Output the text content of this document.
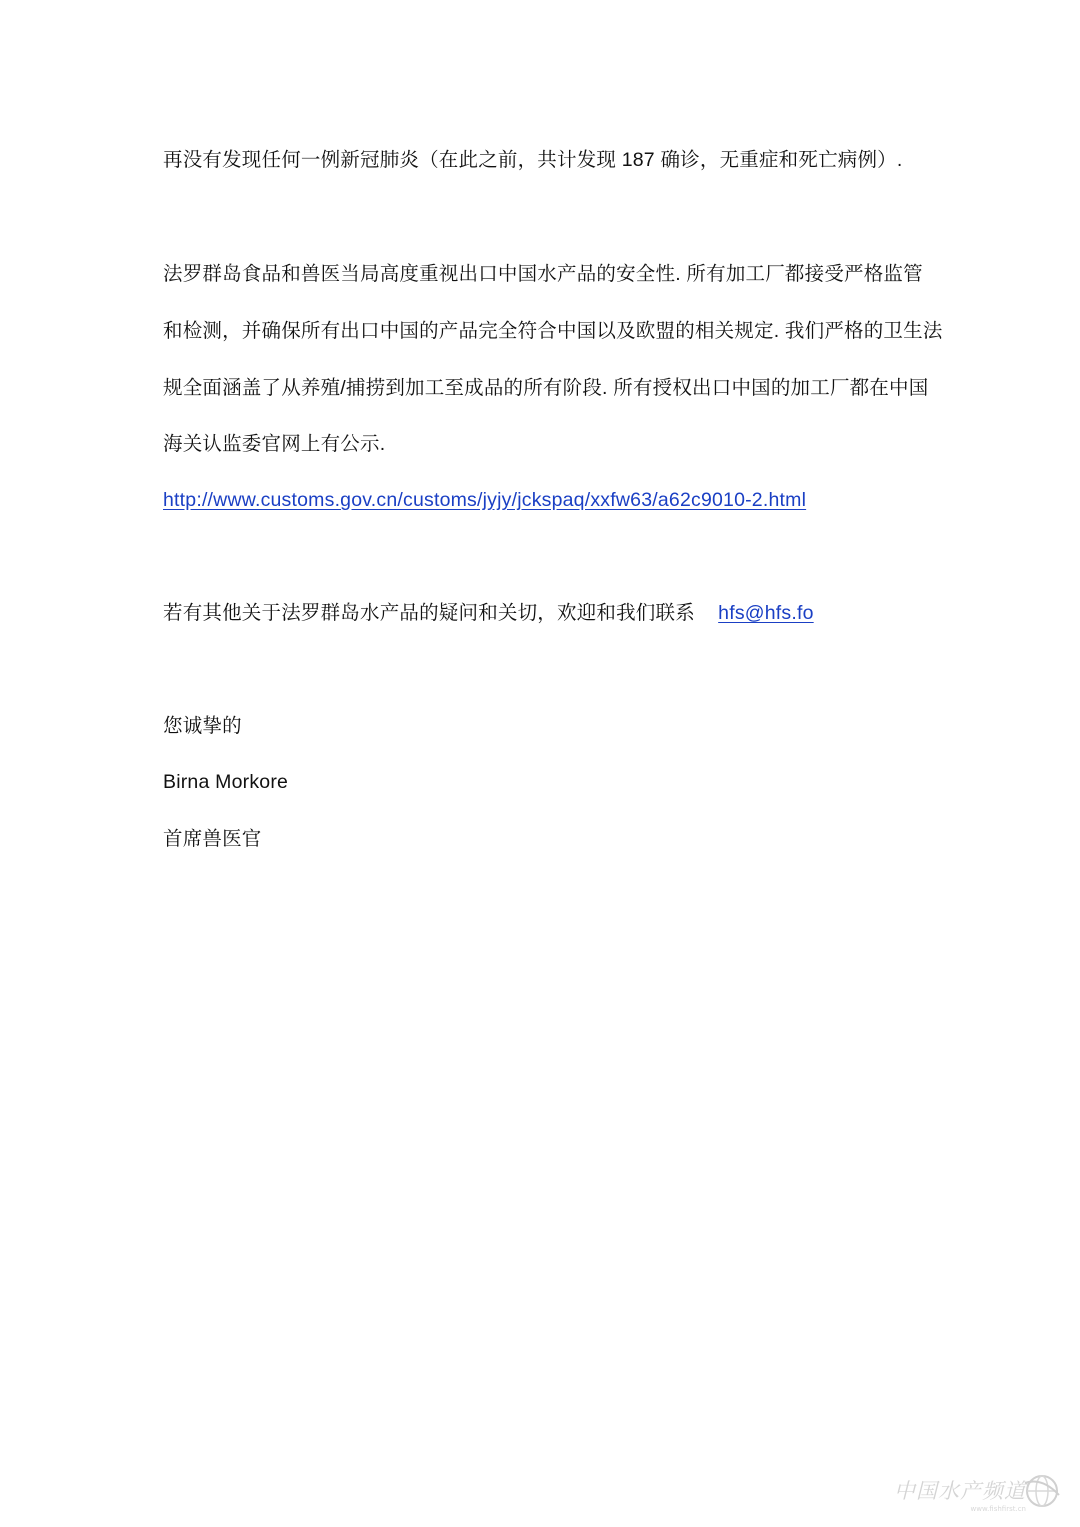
再没有发现任何一例新冠肺炎（在此之前，共计发现 187 确诊，无重症和死亡病例）.
法罗群岛食品和兽医当局高度重视出口中国水产品的安全性. 所有加工厂都接受严格监管
和检测，并确保所有出口中国的产品完全符合中国以及欧盟的相关规定. 我们严格的卫生法
规全面涵盖了从养殖/捕捞到加工至成品的所有阶段. 所有授权出口中国的加工厂都在中国
海关认监委官网上有公示.
http://www.customs.gov.cn/customs/jyjy/jckspaq/xxfw63/a62c9010-2.html
若有其他关于法罗群岛水产品的疑问和关切，欢迎和我们联系 hfs@hfs.fo
您诚挚的
Birna Morkore
首席兽医官
中国水产频道
www.fishfirst.cn
